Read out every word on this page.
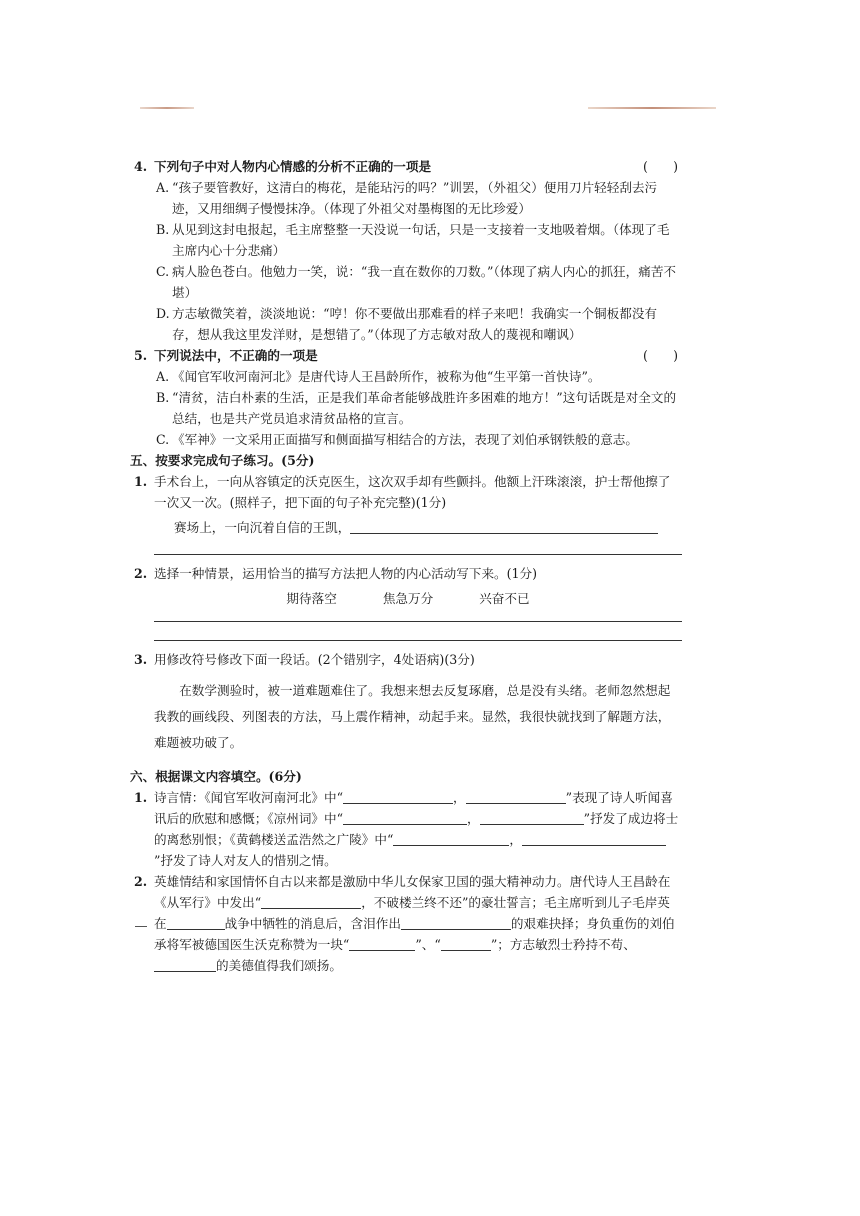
4. 下列句子中对人物内心情感的分析不正确的一项是	(　　)
A. “孩子要管教好，这清白的梅花，是能玷污的吗？”训罢，（外祖父）便用刀片轻轻刮去污迹，又用细绸子慢慢抹净。（体现了外祖父对墨梅图的无比珍爱）
B. 从见到这封电报起，毛主席整整一天没说一句话，只是一支接着一支地吸着烟。（体现了毛主席内心十分悲痛）
C. 病人脸色苍白。他勉力一笑，说：“我一直在数你的刀数。”（体现了病人内心的抓狂，痛苦不堪）
D. 方志敏微笑着，淡淡地说：“哼！你不要做出那难看的样子来吧！我确实一个铜板都没有存，想从我这里发洋财，是想错了。”（体现了方志敏对敌人的蔑视和嘲讽）
5. 下列说法中，不正确的一项是	(　　)
A. 《闻官军收河南河北》是唐代诗人王昌龄所作，被称为他“生平第一首快诗”。
B. “清贫，洁白朴素的生活，正是我们革命者能够战胜许多困难的地方！”这句话既是对全文的总结，也是共产党员追求清贫品格的宣言。
C. 《军神》一文采用正面描写和侧面描写相结合的方法，表现了刘伯承钢铁般的意志。
五、按要求完成句子练习。(5分)
1. 手术台上，一向从容镇定的沃克医生，这次双手却有些颤抖。他额上汗珠滚滚，护士帮他擦了一次又一次。(照样子，把下面的句子补充完整)(1分)
赛场上，一向沉着自信的王凯，
2. 选择一种情景，运用恰当的描写方法把人物的内心活动写下来。(1分)
期待落空	焦急万分	兴奋不已
3. 用修改符号修改下面一段话。(2个错别字，4处语病)(3分)
在数学测验时，被一道难题难住了。我想来想去反复琢磨，总是没有头绪。老师忽然想起我教的画线段、列图表的方法，马上震作精神，动起手来。显然，我很快就找到了解题方法，难题被功破了。
六、根据课文内容填空。(6分)
1. 诗言情：《闻官军收河南河北》中“	，	”表现了诗人听闻喜讯后的欣慰和感慨；《凉州词》中“	，	”抒发了成边将士的离愁别恨；《黄鹤楼送孟浩然之广陵》中“	，”抒发了诗人对友人的惜别之情。
2. 英雄情结和家国情怀自古以来都是激励中华儿女保家卫国的强大精神动力。唐代诗人王昌龄在《从军行》中发出“	，不破楼兰终不还”的豪壮誓言；毛主席听到儿子毛岸英在	战争中牺牲的消息后，含泪作出	的艰难抉择；身负重伤的刘伯承将军被德国医生沃克称赞为一块“	”、“	”；方志敏烈士矜持不苟、的美德值得我们颂扬。
